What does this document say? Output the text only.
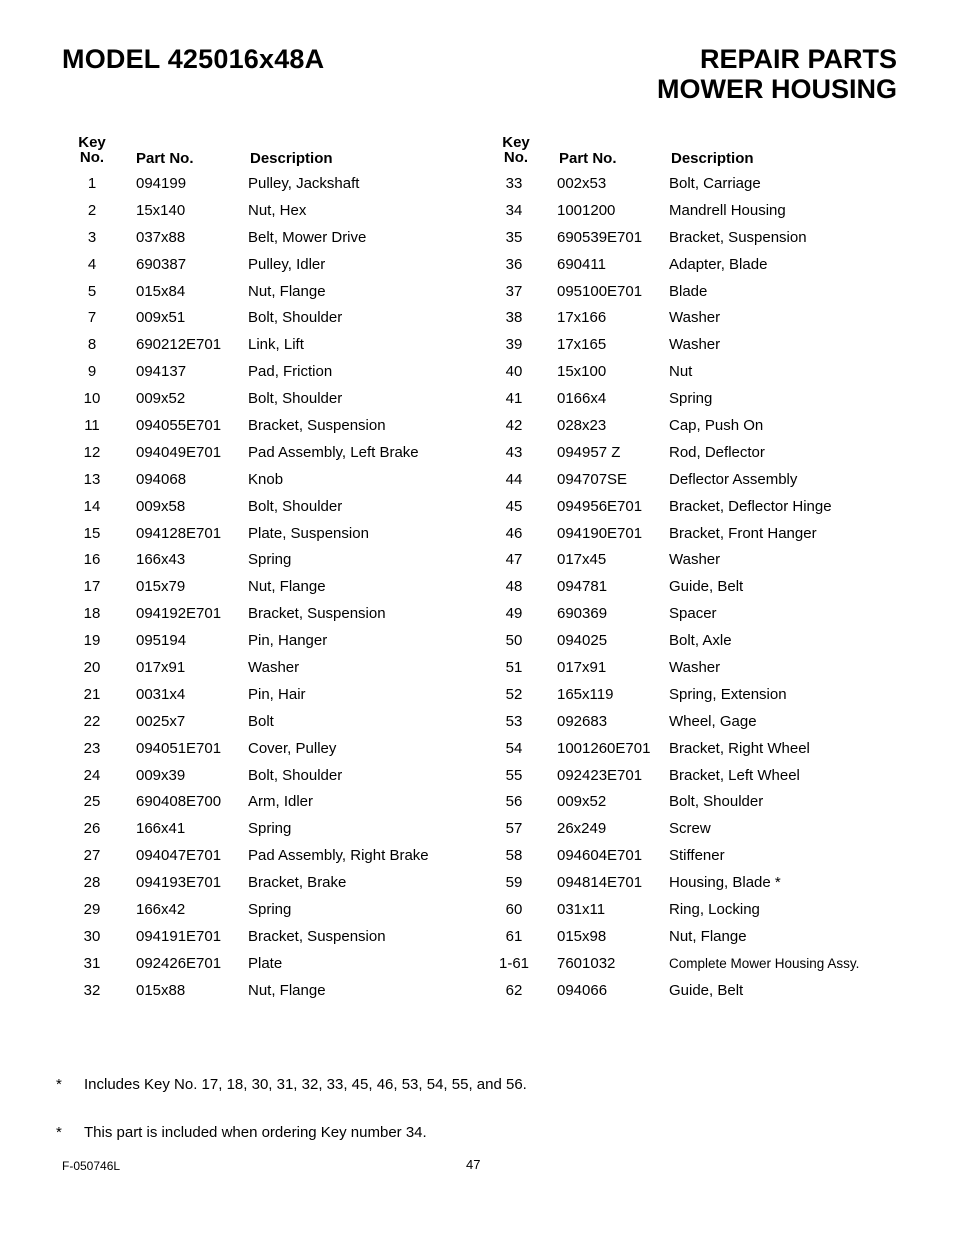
MODEL 425016x48A	REPAIR PARTS
MOWER HOUSING
Key
No.	Part No.	Description
1	094199	Pulley, Jackshaft
2	15x140	Nut, Hex
3	037x88	Belt, Mower Drive
4	690387	Pulley, Idler
5	015x84	Nut, Flange
7	009x51	Bolt, Shoulder
8	690212E701 Link, Lift
9	094137	Pad, Friction
10	009x52	Bolt, Shoulder
11	094055E701 Bracket, Suspension
12	094049E701 Pad Assembly, Left Brake
13	094068	Knob
14	009x58	Bolt, Shoulder
15	094128E701 Plate, Suspension
16	166x43	Spring
17	015x79	Nut, Flange
18	094192E701 Bracket, Suspension
19	095194	Pin, Hanger
20	017x91	Washer
21	0031x4	Pin, Hair
22	0025x7	Bolt
23	094051E701 Cover, Pulley
24	009x39	Bolt, Shoulder
25	690408E700 Arm, Idler
26	166x41	Spring
27	094047E701 Pad Assembly, Right Brake
28	094193E701 Bracket, Brake
29	166x42	Spring
30	094191E701 Bracket, Suspension
31	092426E701 Plate
32	015x88	Nut, Flange
Key
No.	Part No.	Description
33	002x53	Bolt, Carriage
34	1001200	Mandrell Housing
35	690539E701 Bracket, Suspension
36	690411	Adapter, Blade
37	095100E701 Blade
38	17x166	Washer
39	17x165	Washer
40	15x100	Nut
41	0166x4	Spring
42	028x23	Cap, Push On
43	094957 Z	Rod, Deflector
44	094707SE	Deflector Assembly
45	094956E701 Bracket, Deflector Hinge
46	094190E701 Bracket, Front Hanger
47	017x45	Washer
48	094781	Guide, Belt
49	690369	Spacer
50	094025	Bolt, Axle
51	017x91	Washer
52	165x119	Spring, Extension
53	092683	Wheel, Gage
54	1001260E701 Bracket, Right Wheel
55	092423E701 Bracket, Left Wheel
56	009x52	Bolt, Shoulder
57	26x249	Screw
58	094604E701 Stiffener
59	094814E701 Housing, Blade *
60	031x11	Ring, Locking
61	015x98	Nut, Flange
1-61	7601032	Complete Mower Housing Assy.
62	094066	Guide, Belt
* Includes Key No. 17, 18, 30, 31, 32, 33, 45, 46, 53, 54, 55, and 56.
* This part is included when ordering Key number 34.
F-050746L	47
